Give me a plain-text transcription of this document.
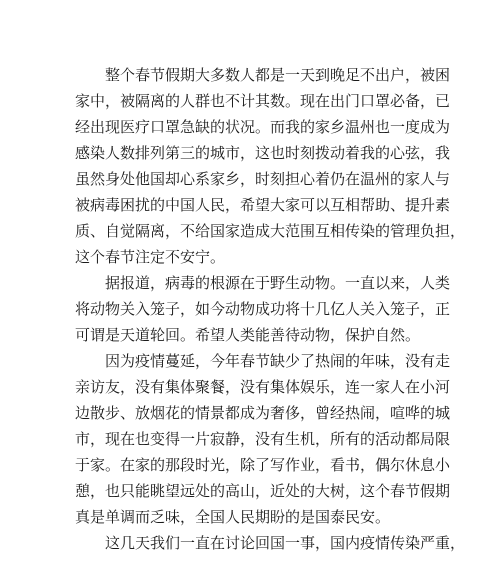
整个春节假期大多数人都是一天到晚足不出户，被困
家中，被隔离的人群也不计其数。现在出门口罩必备，已
经出现医疗口罩急缺的状况。而我的家乡温州也一度成为
感染人数排列第三的城市，这也时刻拨动着我的心弦，我
虽然身处他国却心系家乡，时刻担心着仍在温州的家人与
被病毒困扰的中国人民，希望大家可以互相帮助、提升素
质、自觉隔离，不给国家造成大范围互相传染的管理负担，
这个春节注定不安宁。
据报道，病毒的根源在于野生动物。一直以来，人类
将动物关入笼子，如今动物成功将十几亿人关入笼子，正
可谓是天道轮回。希望人类能善待动物，保护自然。
因为疫情蔓延，今年春节缺少了热闹的年味，没有走
亲访友，没有集体聚餐，没有集体娱乐，连一家人在小河
边散步、放烟花的情景都成为奢侈，曾经热闹，喧哗的城
市，现在也变得一片寂静，没有生机，所有的活动都局限
于家。在家的那段时光，除了写作业，看书，偶尔休息小
憩，也只能眺望远处的高山，近处的大树，这个春节假期
真是单调而乏味，全国人民期盼的是国泰民安。
这几天我们一直在讨论回国一事，国内疫情传染严重，
